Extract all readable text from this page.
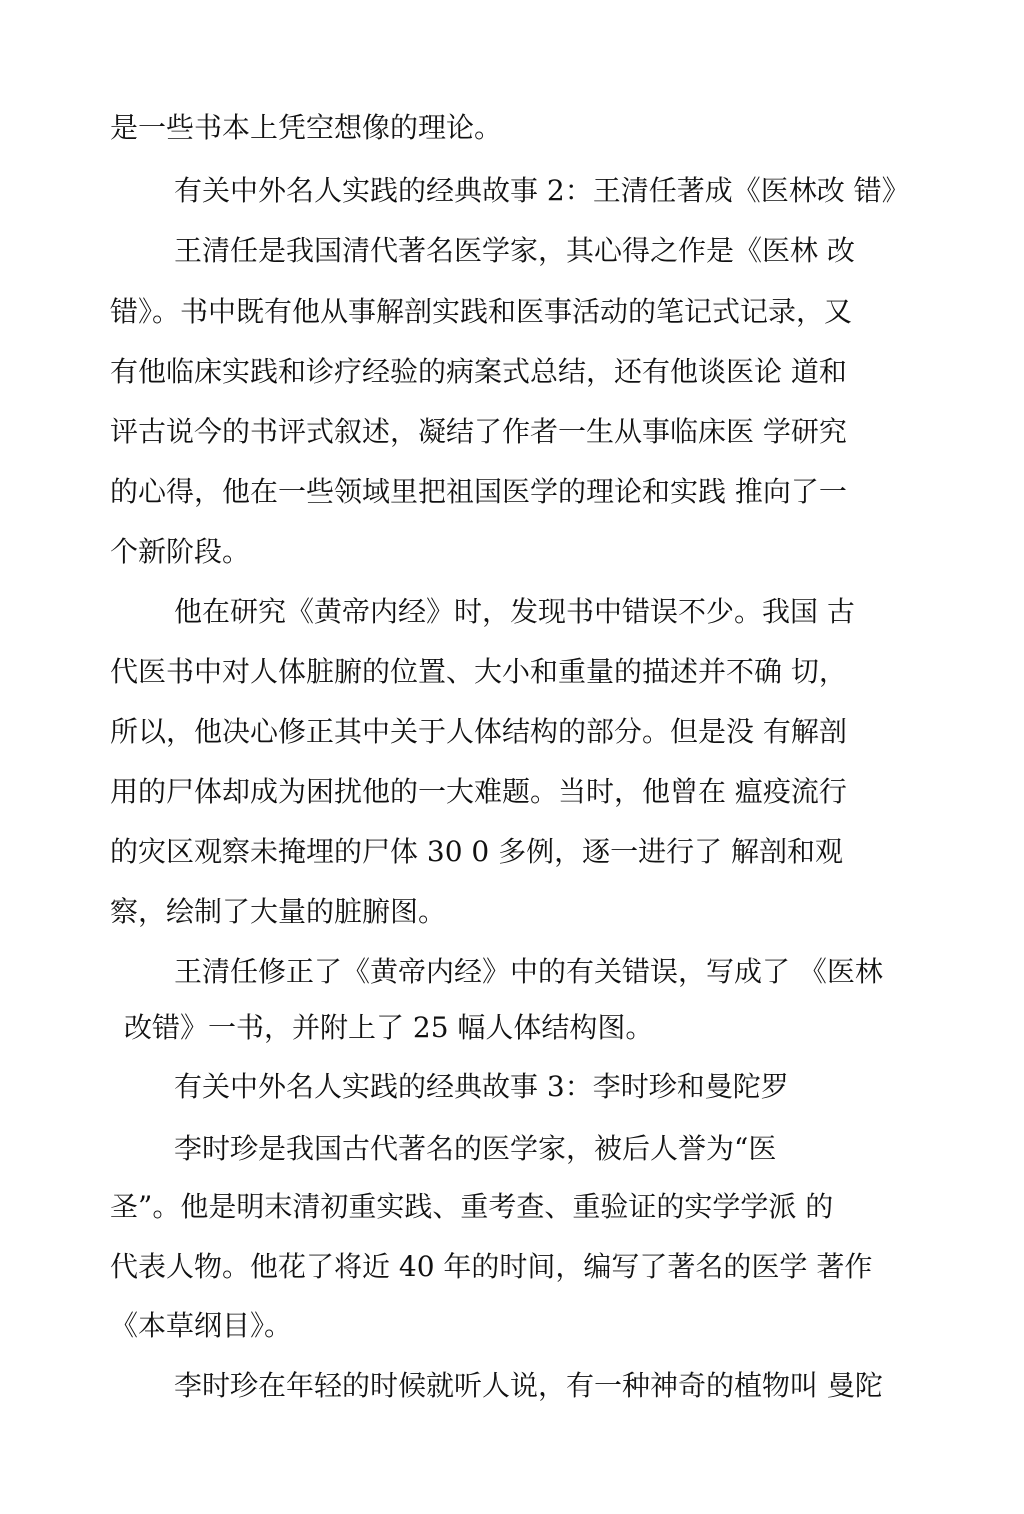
是一些书本上凭空想像的理论。

有关中外名人实践的经典故事 2：王清任著成《医林改 错》

王清任是我国清代著名医学家，其心得之作是《医林 改

错》。书中既有他从事解剖实践和医事活动的笔记式记录，又

有他临床实践和诊疗经验的病案式总结，还有他谈医论 道和

评古说今的书评式叙述，凝结了作者一生从事临床医 学研究

的心得，他在一些领域里把祖国医学的理论和实践 推向了一

个新阶段。

他在研究《黄帝内经》时，发现书中错误不少。我国 古

代医书中对人体脏腑的位置、大小和重量的描述并不确 切，

所以，他决心修正其中关于人体结构的部分。但是没 有解剖

用的尸体却成为困扰他的一大难题。当时，他曾在 瘟疫流行

的灾区观察未掩埋的尸体 30 0 多例，逐一进行了 解剖和观

察，绘制了大量的脏腑图。

王清任修正了《黄帝内经》中的有关错误，写成了 《医林

改错》一书，并附上了 25 幅人体结构图。

有关中外名人实践的经典故事 3：李时珍和曼陀罗

李时珍是我国古代著名的医学家，被后人誉为“医

圣”。他是明末清初重实践、重考查、重验证的实学学派 的

代表人物。他花了将近 40 年的时间，编写了著名的医学 著作

《本草纲目》。

李时珍在年轻的时候就听人说，有一种神奇的植物叫 曼陀
